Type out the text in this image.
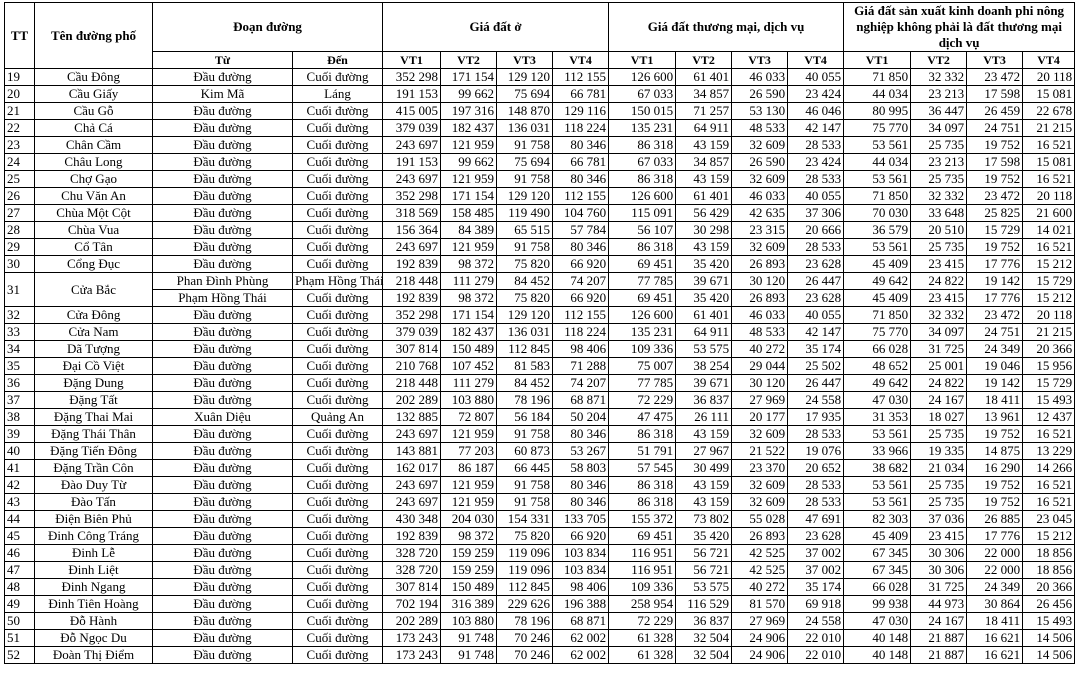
TT	Tên đường phố	Đoạn đường		Giá đất ở				Giá đất thương mại, dịch vụ				Giá đất sản xuất kinh doanh phi nông nghiệp không phải là đất thương mại dịch vụ			
		Từ	Đến	VT1	VT2	VT3	VT4	VT1	VT2	VT3	VT4	VT1	VT2	VT3	VT4
19	Cầu Đông	Đầu đường	Cuối đường	352 298	171 154	129 120	112 155	126 600	61 401	46 033	40 055	71 850	32 332	23 472	20 118
20	Cầu Giấy	Kim Mã	Láng	191 153	99 662	75 694	66 781	67 033	34 857	26 590	23 424	44 034	23 213	17 598	15 081
21	Cầu Gỗ	Đầu đường	Cuối đường	415 005	197 316	148 870	129 116	150 015	71 257	53 130	46 046	80 995	36 447	26 459	22 678
22	Chả Cá	Đầu đường	Cuối đường	379 039	182 437	136 031	118 224	135 231	64 911	48 533	42 147	75 770	34 097	24 751	21 215
23	Chân Cầm	Đầu đường	Cuối đường	243 697	121 959	91 758	80 346	86 318	43 159	32 609	28 533	53 561	25 735	19 752	16 521
24	Châu Long	Đầu đường	Cuối đường	191 153	99 662	75 694	66 781	67 033	34 857	26 590	23 424	44 034	23 213	17 598	15 081
25	Chợ Gạo	Đầu đường	Cuối đường	243 697	121 959	91 758	80 346	86 318	43 159	32 609	28 533	53 561	25 735	19 752	16 521
26	Chu Văn An	Đầu đường	Cuối đường	352 298	171 154	129 120	112 155	126 600	61 401	46 033	40 055	71 850	32 332	23 472	20 118
27	Chùa Một Cột	Đầu đường	Cuối đường	318 569	158 485	119 490	104 760	115 091	56 429	42 635	37 306	70 030	33 648	25 825	21 600
28	Chùa Vua	Đầu đường	Cuối đường	156 364	84 389	65 515	57 784	56 107	30 298	23 315	20 666	36 579	20 510	15 729	14 021
29	Cổ Tân	Đầu đường	Cuối đường	243 697	121 959	91 758	80 346	86 318	43 159	32 609	28 533	53 561	25 735	19 752	16 521
30	Cổng Đục	Đầu đường	Cuối đường	192 839	98 372	75 820	66 920	69 451	35 420	26 893	23 628	45 409	23 415	17 776	15 212
31	Cửa Bắc	Phan Đình Phùng	Phạm Hồng Thái	218 448	111 279	84 452	74 207	77 785	39 671	30 120	26 447	49 642	24 822	19 142	15 729
		Phạm Hồng Thái	Cuối đường	192 839	98 372	75 820	66 920	69 451	35 420	26 893	23 628	45 409	23 415	17 776	15 212
32	Cửa Đông	Đầu đường	Cuối đường	352 298	171 154	129 120	112 155	126 600	61 401	46 033	40 055	71 850	32 332	23 472	20 118
33	Cửa Nam	Đầu đường	Cuối đường	379 039	182 437	136 031	118 224	135 231	64 911	48 533	42 147	75 770	34 097	24 751	21 215
34	Dã Tượng	Đầu đường	Cuối đường	307 814	150 489	112 845	98 406	109 336	53 575	40 272	35 174	66 028	31 725	24 349	20 366
35	Đại Cồ Việt	Đầu đường	Cuối đường	210 768	107 452	81 583	71 288	75 007	38 254	29 044	25 502	48 652	25 001	19 046	15 956
36	Đặng Dung	Đầu đường	Cuối đường	218 448	111 279	84 452	74 207	77 785	39 671	30 120	26 447	49 642	24 822	19 142	15 729
37	Đặng Tất	Đầu đường	Cuối đường	202 289	103 880	78 196	68 871	72 229	36 837	27 969	24 558	47 030	24 167	18 411	15 493
38	Đặng Thai Mai	Xuân Diệu	Quảng An	132 885	72 807	56 184	50 204	47 475	26 111	20 177	17 935	31 353	18 027	13 961	12 437
39	Đặng Thái Thân	Đầu đường	Cuối đường	243 697	121 959	91 758	80 346	86 318	43 159	32 609	28 533	53 561	25 735	19 752	16 521
40	Đặng Tiến Đông	Đầu đường	Cuối đường	143 881	77 203	60 873	53 267	51 791	27 967	21 522	19 076	33 966	19 335	14 875	13 229
41	Đặng Trần Côn	Đầu đường	Cuối đường	162 017	86 187	66 445	58 803	57 545	30 499	23 370	20 652	38 682	21 034	16 290	14 266
42	Đào Duy Từ	Đầu đường	Cuối đường	243 697	121 959	91 758	80 346	86 318	43 159	32 609	28 533	53 561	25 735	19 752	16 521
43	Đào Tấn	Đầu đường	Cuối đường	243 697	121 959	91 758	80 346	86 318	43 159	32 609	28 533	53 561	25 735	19 752	16 521
44	Điện Biên Phủ	Đầu đường	Cuối đường	430 348	204 030	154 331	133 705	155 372	73 802	55 028	47 691	82 303	37 036	26 885	23 045
45	Đinh Công Tráng	Đầu đường	Cuối đường	192 839	98 372	75 820	66 920	69 451	35 420	26 893	23 628	45 409	23 415	17 776	15 212
46	Đinh Lễ	Đầu đường	Cuối đường	328 720	159 259	119 096	103 834	116 951	56 721	42 525	37 002	67 345	30 306	22 000	18 856
47	Đinh Liệt	Đầu đường	Cuối đường	328 720	159 259	119 096	103 834	116 951	56 721	42 525	37 002	67 345	30 306	22 000	18 856
48	Đinh Ngang	Đầu đường	Cuối đường	307 814	150 489	112 845	98 406	109 336	53 575	40 272	35 174	66 028	31 725	24 349	20 366
49	Đinh Tiên Hoàng	Đầu đường	Cuối đường	702 194	316 389	229 626	196 388	258 954	116 529	81 570	69 918	99 938	44 973	30 864	26 456
50	Đỗ Hành	Đầu đường	Cuối đường	202 289	103 880	78 196	68 871	72 229	36 837	27 969	24 558	47 030	24 167	18 411	15 493
51	Đỗ Ngọc Du	Đầu đường	Cuối đường	173 243	91 748	70 246	62 002	61 328	32 504	24 906	22 010	40 148	21 887	16 621	14 506
52	Đoàn Thị Điểm	Đầu đường	Cuối đường	173 243	91 748	70 246	62 002	61 328	32 504	24 906	22 010	40 148	21 887	16 621	14 506
